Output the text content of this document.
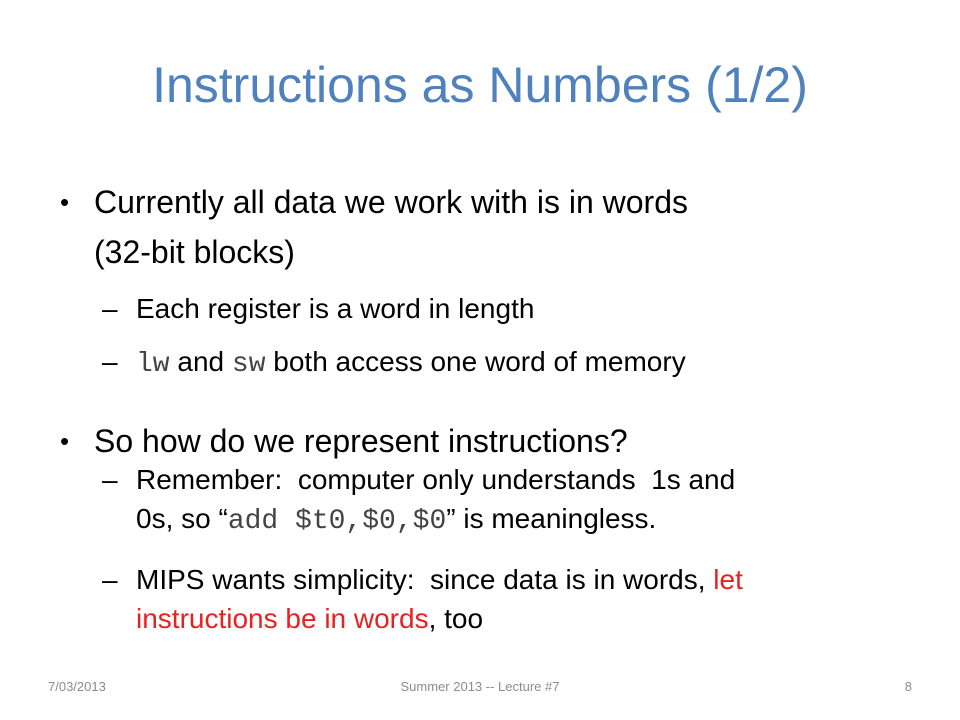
Instructions as Numbers (1/2)
• Currently all data we work with is in words
(32-bit blocks)
– Each register is a word in length
– lw and sw both access one word of memory
• So how do we represent instructions?
– Remember:  computer only understands  1s and
0s, so “add $t0,$0,$0” is meaningless.
– MIPS wants simplicity:  since data is in words, let
instructions be in words, too
7/03/2013	Summer 2013 -- Lecture #7	8
